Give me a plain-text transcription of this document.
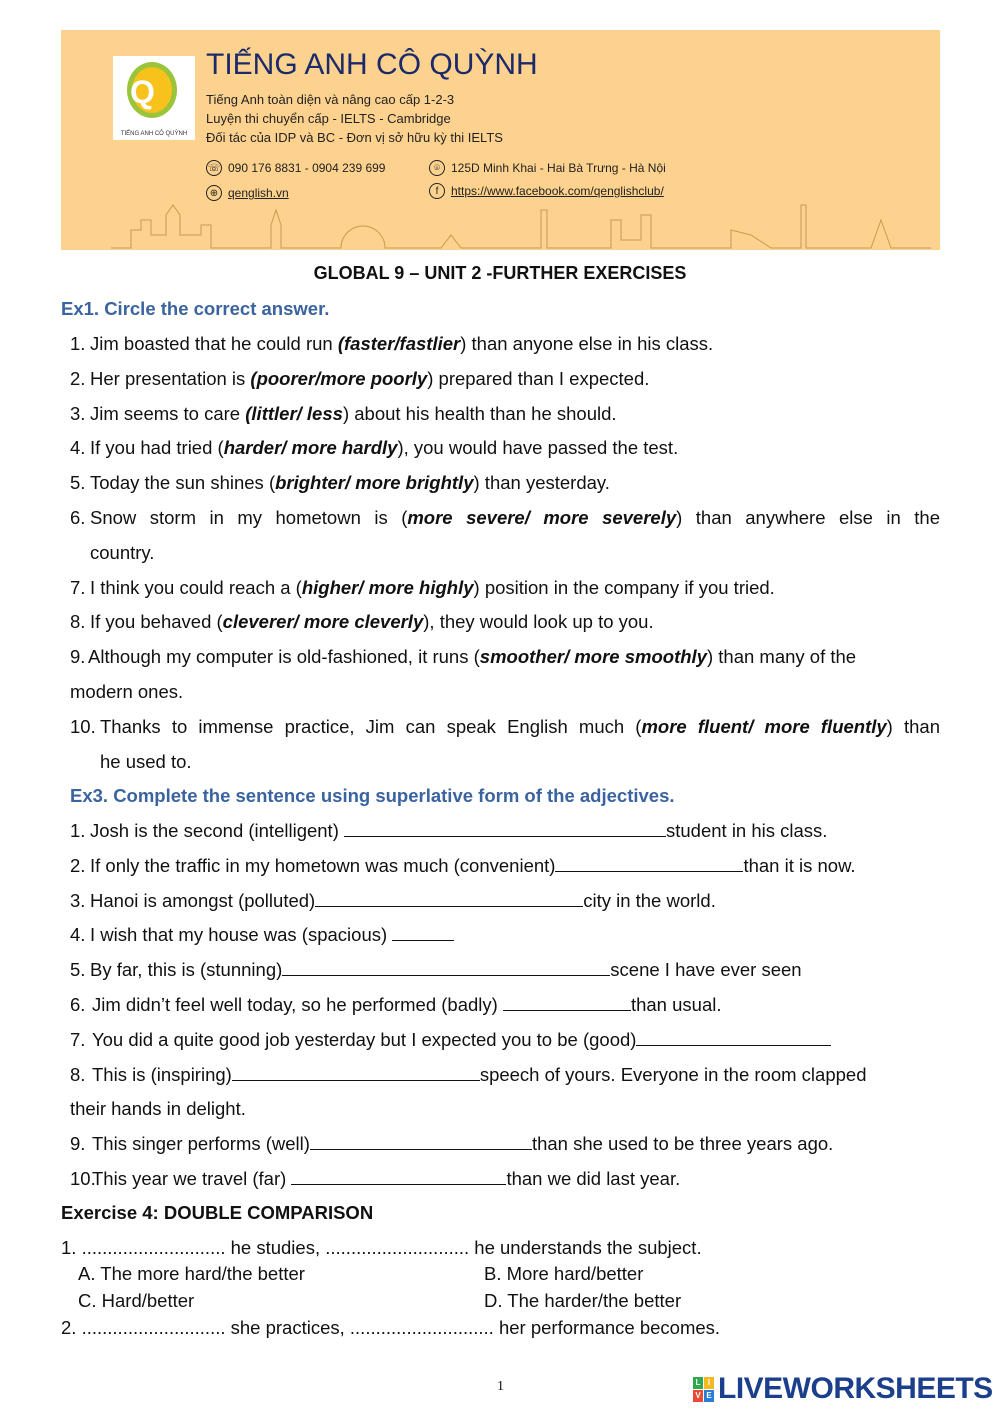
Q
TIẾNG ANH CÔ QUỲNH
TIẾNG ANH CÔ QUỲNH
Tiếng Anh toàn diện và nâng cao cấp 1-2-3
Luyện thi chuyển cấp - IELTS - Cambridge
Đối tác của IDP và BC - Đơn vị sở hữu kỳ thi IELTS
☏ 090 176 8831 - 0904 239 699	⌾ 125D Minh Khai - Hai Bà Trưng - Hà Nội
⊕ qenglish.vn	f	https://www.facebook.com/qenglishclub/
GLOBAL 9 – UNIT 2 -FURTHER EXERCISES
Ex1. Circle the correct answer.
Ex3. Complete the sentence using superlative form of the adjectives.
Exercise 4: DOUBLE COMPARISON
1. ............................ he studies, ............................ he understands the subject.
A. The more hard/the better	B. More hard/better
C. Hard/better	D. The harder/the better
2. ............................ she practices, ............................ her performance becomes.
1	L I
V E LIVEWORKSHEETS
1. Jim boasted that he could run (faster/fastlier) than anyone else in his class.
2. Her presentation is (poorer/more poorly) prepared than I expected.
3. Jim seems to care (littler/ less) about his health than he should.
4. If you had tried (harder/ more hardly), you would have passed the test.
5. Today the sun shines (brighter/ more brightly) than yesterday.
6. Snow storm in my hometown is (more severe/ more severely) than anywhere else in the
country.
7. I think you could reach a (higher/ more highly) position in the company if you tried.
8. If you behaved (cleverer/ more cleverly), they would look up to you.
9. Although my computer is old-fashioned, it runs (smoother/ more smoothly) than many of the
modern ones.
10. Thanks to immense practice, Jim can speak English much (more fluent/ more fluently) than
he used to.
1. Josh is the second (intelligent)	student in his class.
2. If only the traffic in my hometown was much (convenient)	than it is now.
3. Hanoi is amongst (polluted)	city in the world.
4. I wish that my house was (spacious)
5. By far, this is (stunning)	scene I have ever seen
6. Jim didn’t feel well today, so he performed (badly)	than usual.
7. You did a quite good job yesterday but I expected you to be (good)
8. This is (inspiring)	speech of yours. Everyone in the room clapped
their hands in delight.
9. This singer performs (well)	than she used to be three years ago.
10.
This year we travel (far)	than we did last year.
